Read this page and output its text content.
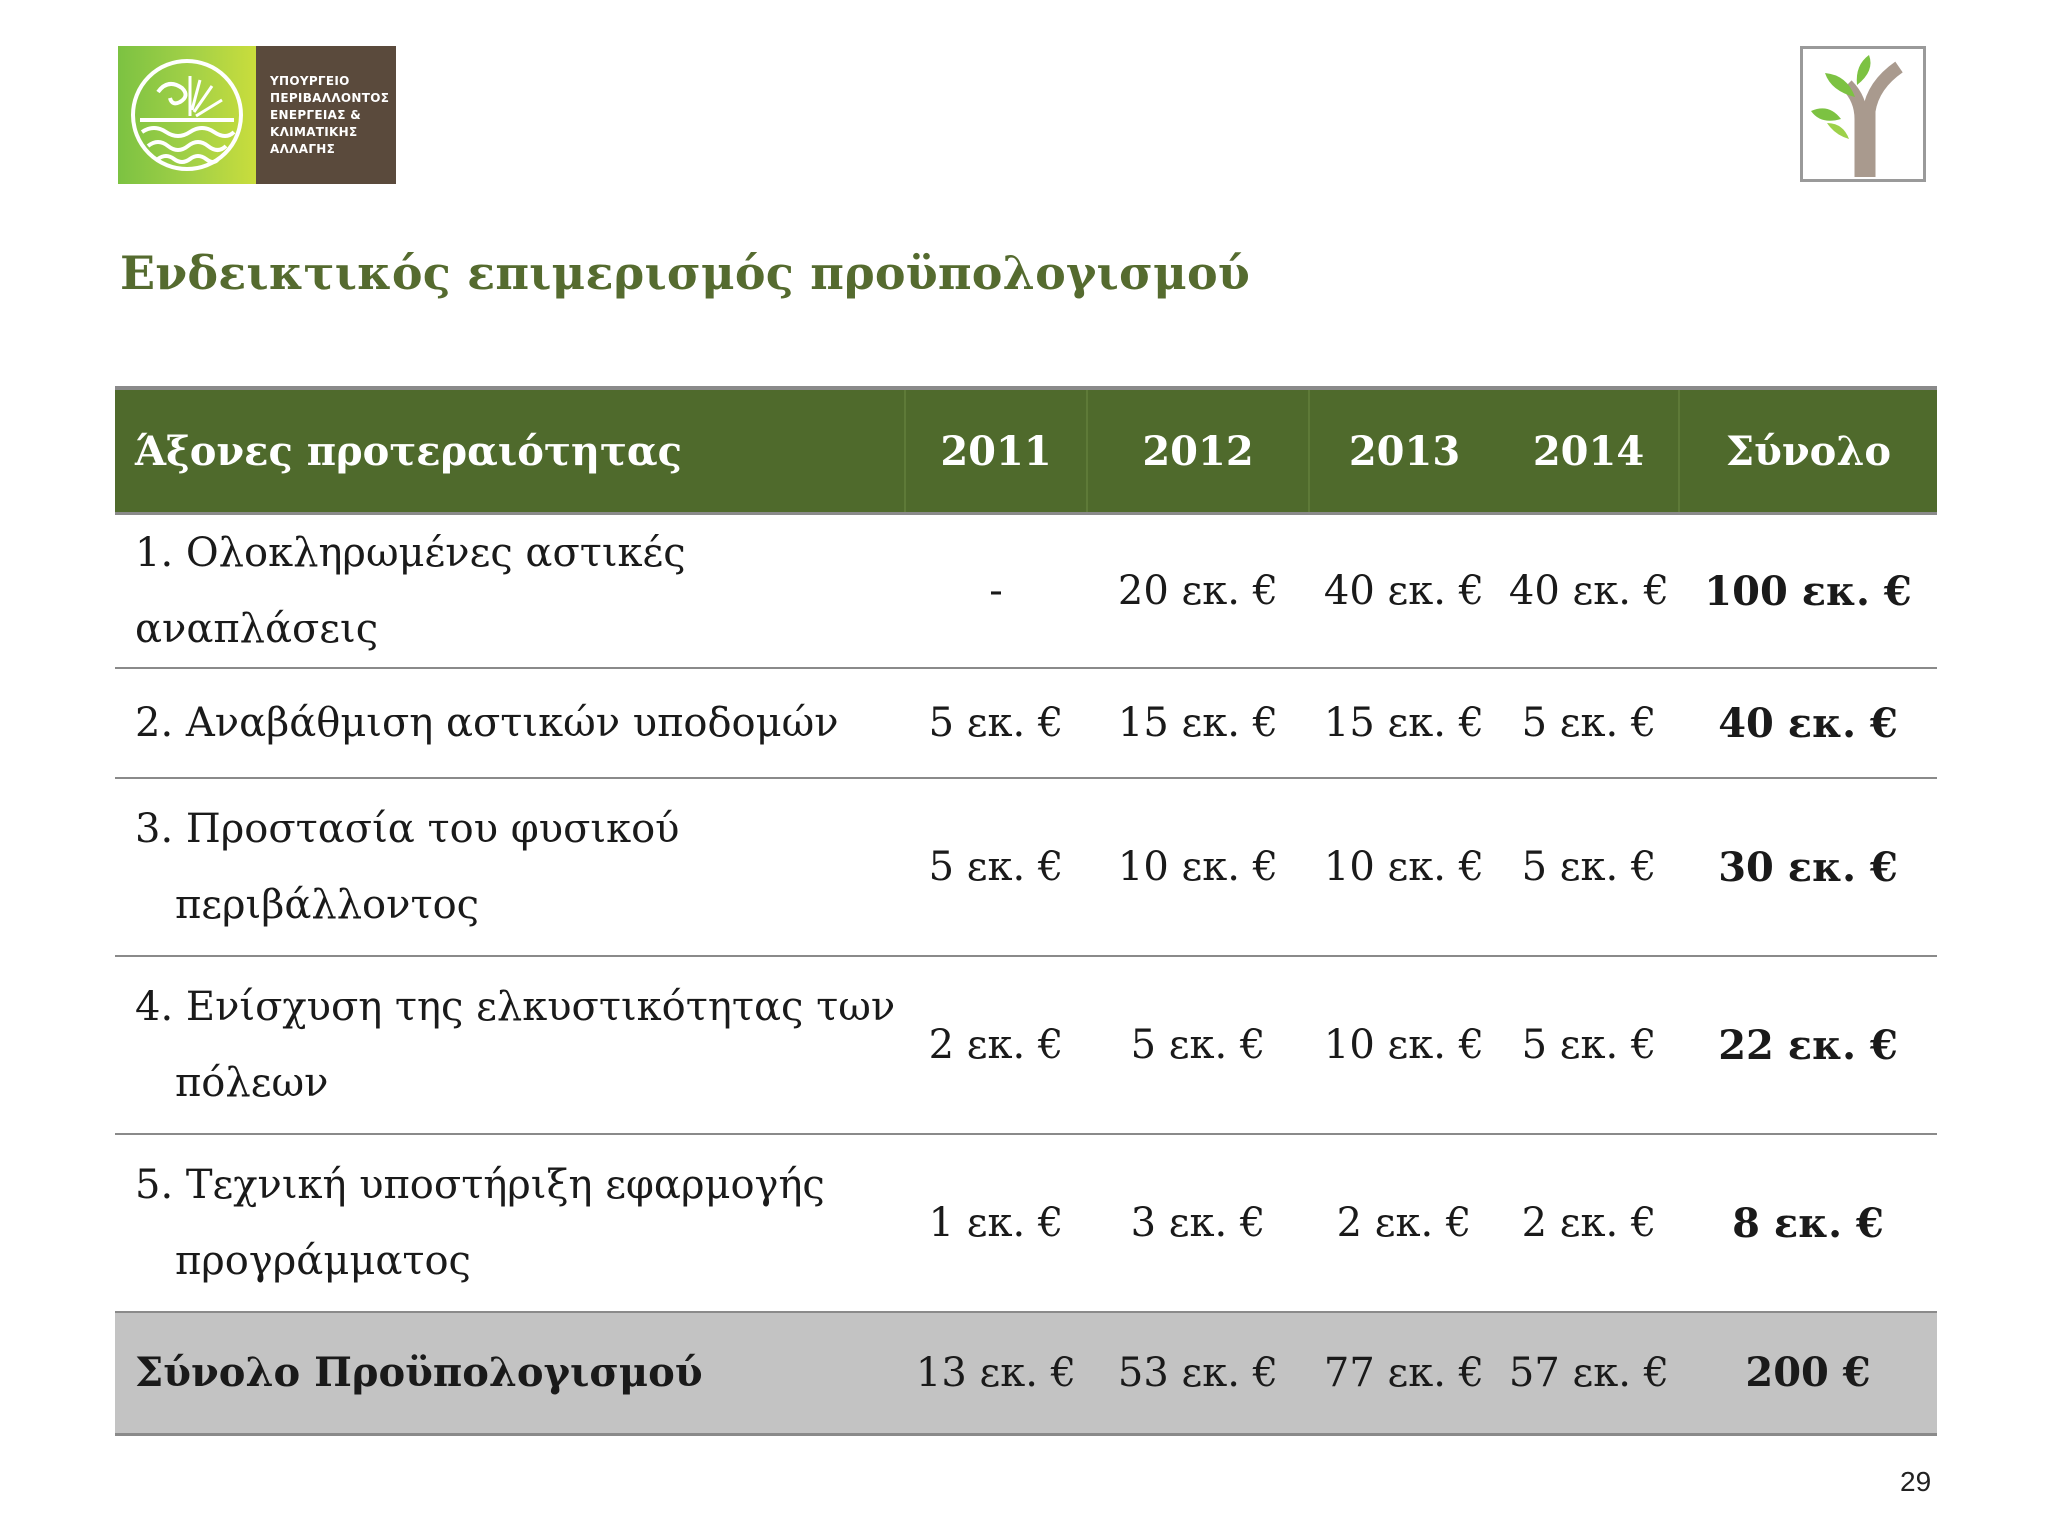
ΥΠΟΥΡΓΕΙΟ
ΠΕΡΙΒΑΛΛΟΝΤΟΣ
ΕΝΕΡΓΕΙΑΣ &
ΚΛΙΜΑΤΙΚΗΣ
ΑΛΛΑΓΗΣ
Ενδεικτικός επιμερισμός προϋπολογισμού
Άξονες προτεραιότητας	2011	2012	2013	2014	Σύνολο
1. Ολοκληρωμένες αστικές αναπλάσεις	-	20 εκ. €	40 εκ. €	40 εκ. €	100 εκ. €
2. Αναβάθμιση αστικών υποδομών	5 εκ. €	15 εκ. €	15 εκ. €	5 εκ. €	40 εκ. €
3. Προστασία του φυσικού
περιβάλλοντος	5 εκ. €	10 εκ. €	10 εκ. €	5 εκ. €	30 εκ. €
4. Ενίσχυση της ελκυστικότητας των
πόλεων	2 εκ. €	5 εκ. €	10 εκ. €	5 εκ. €	22 εκ. €
5. Τεχνική υποστήριξη εφαρμογής
προγράμματος	1 εκ. €	3 εκ. €	2 εκ. €	2 εκ. €	8 εκ. €
Σύνολο Προϋπολογισμού	13 εκ. €	53 εκ. €	77 εκ. €	57 εκ. €	200 €
29
